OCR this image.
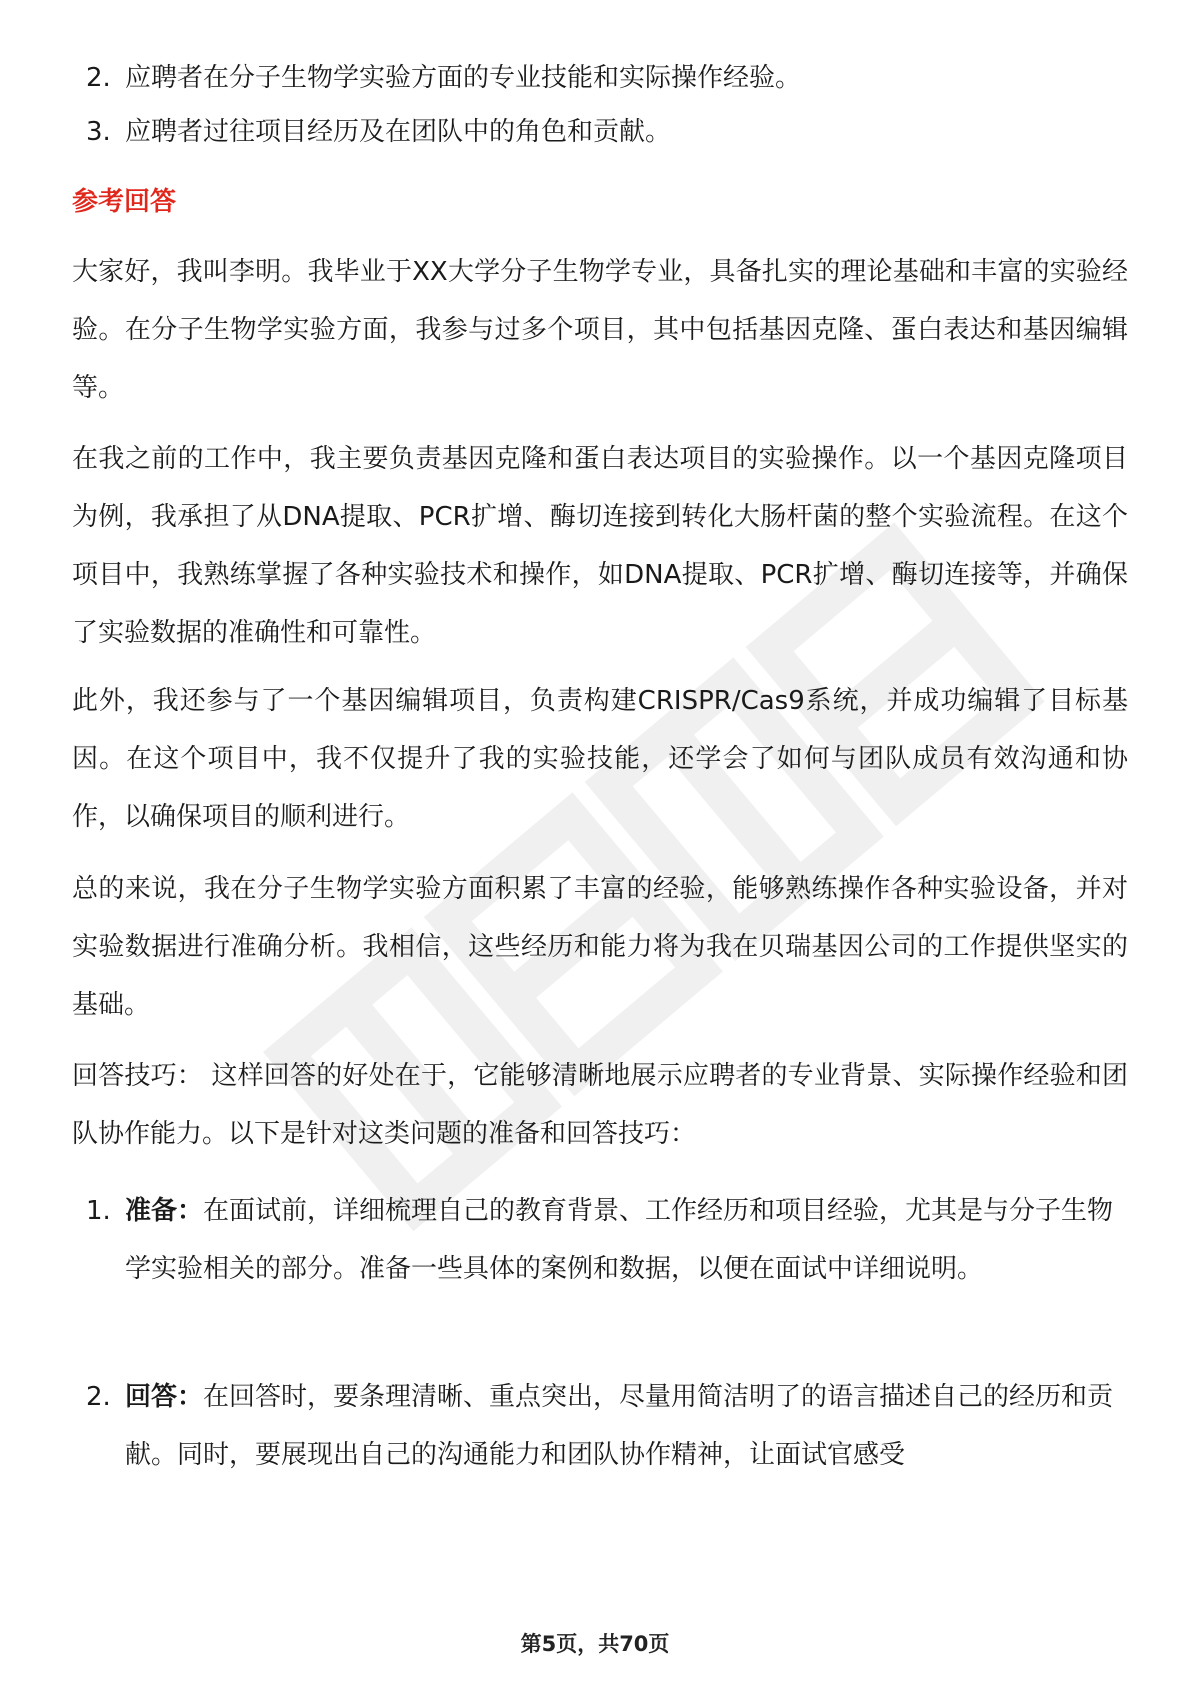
2. 应聘者在分子生物学实验方面的专业技能和实际操作经验。
3. 应聘者过往项目经历及在团队中的角色和贡献。
参考回答
大家好，我叫李明。我毕业于XX大学分子生物学专业，具备扎实的理论基础和丰富的实验经验。在分子生物学实验方面，我参与过多个项目，其中包括基因克隆、蛋白表达和基因编辑等。
在我之前的工作中，我主要负责基因克隆和蛋白表达项目的实验操作。以一个基因克隆项目为例，我承担了从DNA提取、PCR扩增、酶切连接到转化大肠杆菌的整个实验流程。在这个项目中，我熟练掌握了各种实验技术和操作，如DNA提取、PCR扩增、酶切连接等，并确保了实验数据的准确性和可靠性。
此外，我还参与了一个基因编辑项目，负责构建CRISPR/Cas9系统，并成功编辑了目标基因。在这个项目中，我不仅提升了我的实验技能，还学会了如何与团队成员有效沟通和协作，以确保项目的顺利进行。
总的来说，我在分子生物学实验方面积累了丰富的经验，能够熟练操作各种实验设备，并对实验数据进行准确分析。我相信，这些经历和能力将为我在贝瑞基因公司的工作提供坚实的基础。
回答技巧： 这样回答的好处在于，它能够清晰地展示应聘者的专业背景、实际操作经验和团队协作能力。以下是针对这类问题的准备和回答技巧：
1. 准备：在面试前，详细梳理自己的教育背景、工作经历和项目经验，尤其是与分子生物学实验相关的部分。准备一些具体的案例和数据，以便在面试中详细说明。
2. 回答：在回答时，要条理清晰、重点突出，尽量用简洁明了的语言描述自己的经历和贡献。同时，要展现出自己的沟通能力和团队协作精神，让面试官感受
第5页，共70页
